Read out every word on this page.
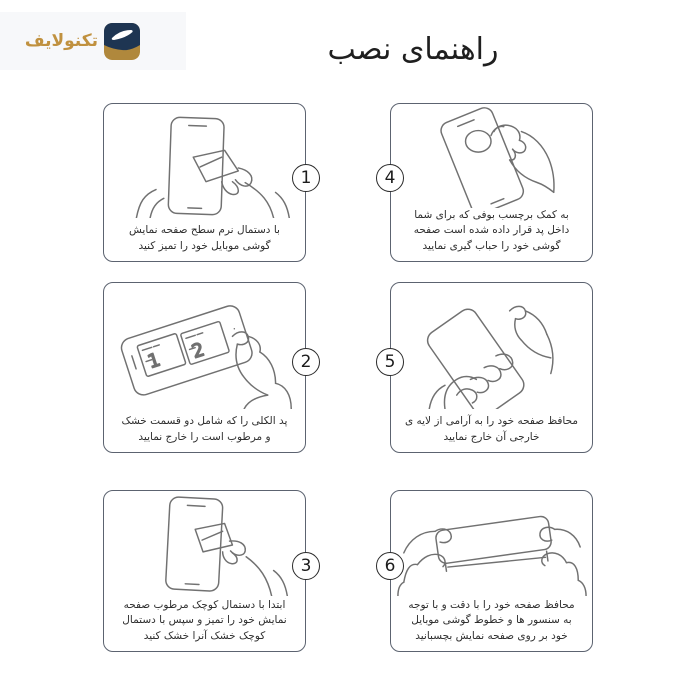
تکنولایف	راهنمای نصب
1
با دستمال نرم سطح صفحه نمایش
گوشی موبایل خود را تمیز کنید
2
1 2
پد الکلی را که شامل دو قسمت خشک
و مرطوب است را خارج نمایید
3
ابتدا با دستمال کوچک مرطوب صفحه
نمایش خود را تمیز و سپس با دستمال
کوچک خشک آنرا خشک کنید
4
به کمک برچسب بوفی که برای شما
داخل پد قرار داده شده است صفحه
گوشی خود را حباب گیری نمایید
5
محافظ صفحه خود را به آرامی از لایه ی
خارجی آن خارج نمایید
6
محافظ صفحه خود را با دقت و با توجه
به سنسور ها و خطوط گوشی موبایل
خود بر روی صفحه نمایش بچسبانید
